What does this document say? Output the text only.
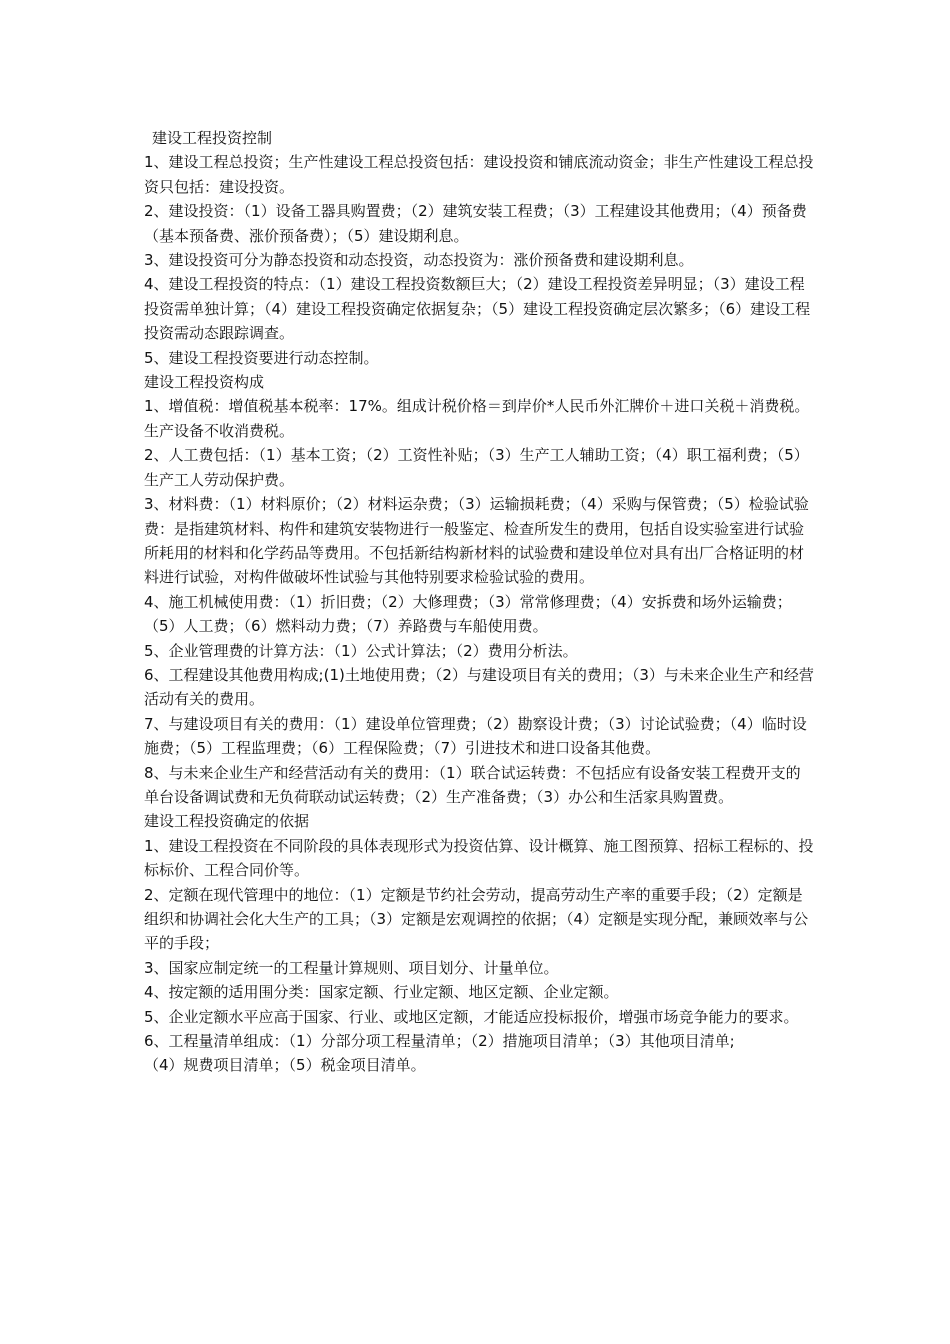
建设工程投资控制

1、建设工程总投资；生产性建设工程总投资包括：建设投资和铺底流动资金；非生产性建设工程总投资只包括：建设投资。

2、建设投资：（1）设备工器具购置费；（2）建筑安装工程费；（3）工程建设其他费用；（4）预备费（基本预备费、涨价预备费）；（5）建设期利息。

3、建设投资可分为静态投资和动态投资，动态投资为：涨价预备费和建设期利息。

4、建设工程投资的特点：（1）建设工程投资数额巨大；（2）建设工程投资差异明显；（3）建设工程投资需单独计算；（4）建设工程投资确定依据复杂；（5）建设工程投资确定层次繁多；（6）建设工程投资需动态跟踪调查。

5、建设工程投资要进行动态控制。

建设工程投资构成

1、增值税：增值税基本税率：17%。组成计税价格＝到岸价*人民币外汇牌价＋进口关税＋消费税。生产设备不收消费税。

2、人工费包括：（1）基本工资；（2）工资性补贴；（3）生产工人辅助工资；（4）职工福利费；（5）生产工人劳动保护费。

3、材料费：（1）材料原价；（2）材料运杂费；（3）运输损耗费；（4）采购与保管费；（5）检验试验费：是指建筑材料、构件和建筑安装物进行一般鉴定、检查所发生的费用，包括自设实验室进行试验所耗用的材料和化学药品等费用。不包括新结构新材料的试验费和建设单位对具有出厂合格证明的材料进行试验，对构件做破坏性试验与其他特别要求检验试验的费用。

4、施工机械使用费：（1）折旧费；（2）大修理费；（3）常常修理费；（4）安拆费和场外运输费；（5）人工费；（6）燃料动力费；（7）养路费与车船使用费。

5、企业管理费的计算方法：（1）公式计算法；（2）费用分析法。

6、工程建设其他费用构成;(1)土地使用费；（2）与建设项目有关的费用；（3）与未来企业生产和经营活动有关的费用。

7、与建设项目有关的费用：（1）建设单位管理费；（2）勘察设计费；（3）讨论试验费；（4）临时设施费；（5）工程监理费；（6）工程保险费；（7）引进技术和进口设备其他费。

8、与未来企业生产和经营活动有关的费用：（1）联合试运转费：不包括应有设备安装工程费开支的单台设备调试费和无负荷联动试运转费；（2）生产准备费；（3）办公和生活家具购置费。

建设工程投资确定的依据

1、建设工程投资在不同阶段的具体表现形式为投资估算、设计概算、施工图预算、招标工程标的、投标标价、工程合同价等。

2、定额在现代管理中的地位：（1）定额是节约社会劳动，提高劳动生产率的重要手段；（2）定额是组织和协调社会化大生产的工具；（3）定额是宏观调控的依据；（4）定额是实现分配，兼顾效率与公平的手段；

3、国家应制定统一的工程量计算规则、项目划分、计量单位。

4、按定额的适用围分类：国家定额、行业定额、地区定额、企业定额。

5、企业定额水平应高于国家、行业、或地区定额，才能适应投标报价，增强市场竞争能力的要求。

6、工程量清单组成：（1）分部分项工程量清单；（2）措施项目清单；（3）其他项目清单;

（4）规费项目清单；（5）税金项目清单。
